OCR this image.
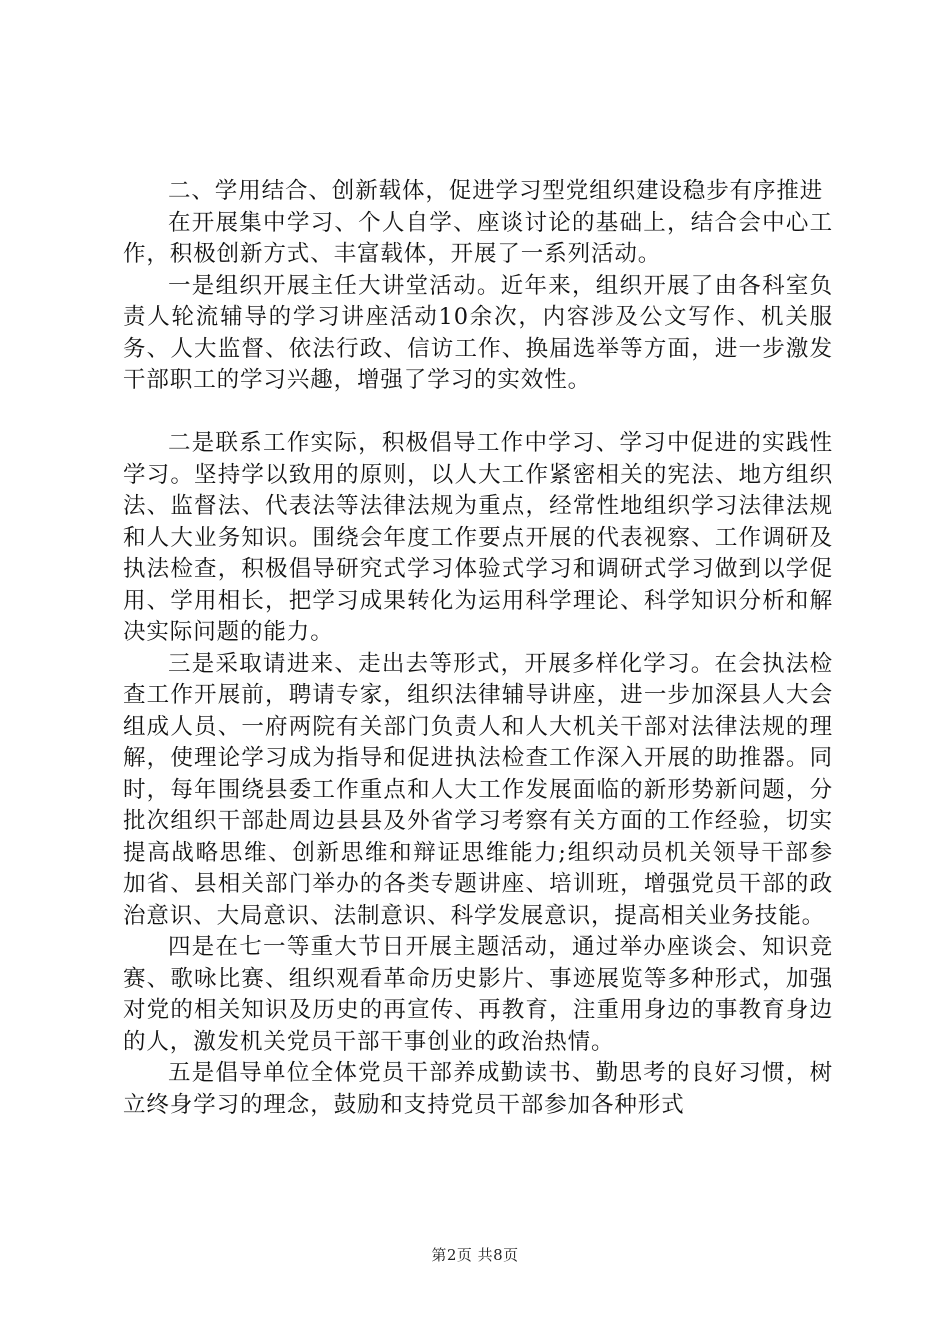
二、学用结合、创新载体，促进学习型党组织建设稳步有序推进

在开展集中学习、个人自学、座谈讨论的基础上，结合会中心工作，积极创新方式、丰富载体，开展了一系列活动。

一是组织开展主任大讲堂活动。近年来，组织开展了由各科室负责人轮流辅导的学习讲座活动10余次，内容涉及公文写作、机关服务、人大监督、依法行政、信访工作、换届选举等方面，进一步激发干部职工的学习兴趣，增强了学习的实效性。

二是联系工作实际，积极倡导工作中学习、学习中促进的实践性学习。坚持学以致用的原则，以人大工作紧密相关的宪法、地方组织法、监督法、代表法等法律法规为重点，经常性地组织学习法律法规和人大业务知识。围绕会年度工作要点开展的代表视察、工作调研及执法检查，积极倡导研究式学习体验式学习和调研式学习做到以学促用、学用相长，把学习成果转化为运用科学理论、科学知识分析和解决实际问题的能力。

三是采取请进来、走出去等形式，开展多样化学习。在会执法检查工作开展前，聘请专家，组织法律辅导讲座，进一步加深县人大会组成人员、一府两院有关部门负责人和人大机关干部对法律法规的理解，使理论学习成为指导和促进执法检查工作深入开展的助推器。同时，每年围绕县委工作重点和人大工作发展面临的新形势新问题，分批次组织干部赴周边县县及外省学习考察有关方面的工作经验，切实提高战略思维、创新思维和辩证思维能力;组织动员机关领导干部参加省、县相关部门举办的各类专题讲座、培训班，增强党员干部的政治意识、大局意识、法制意识、科学发展意识，提高相关业务技能。

四是在七一等重大节日开展主题活动，通过举办座谈会、知识竞赛、歌咏比赛、组织观看革命历史影片、事迹展览等多种形式，加强对党的相关知识及历史的再宣传、再教育，注重用身边的事教育身边的人，激发机关党员干部干事创业的政治热情。

五是倡导单位全体党员干部养成勤读书、勤思考的良好习惯，树立终身学习的理念，鼓励和支持党员干部参加各种形式

第2页 共8页
